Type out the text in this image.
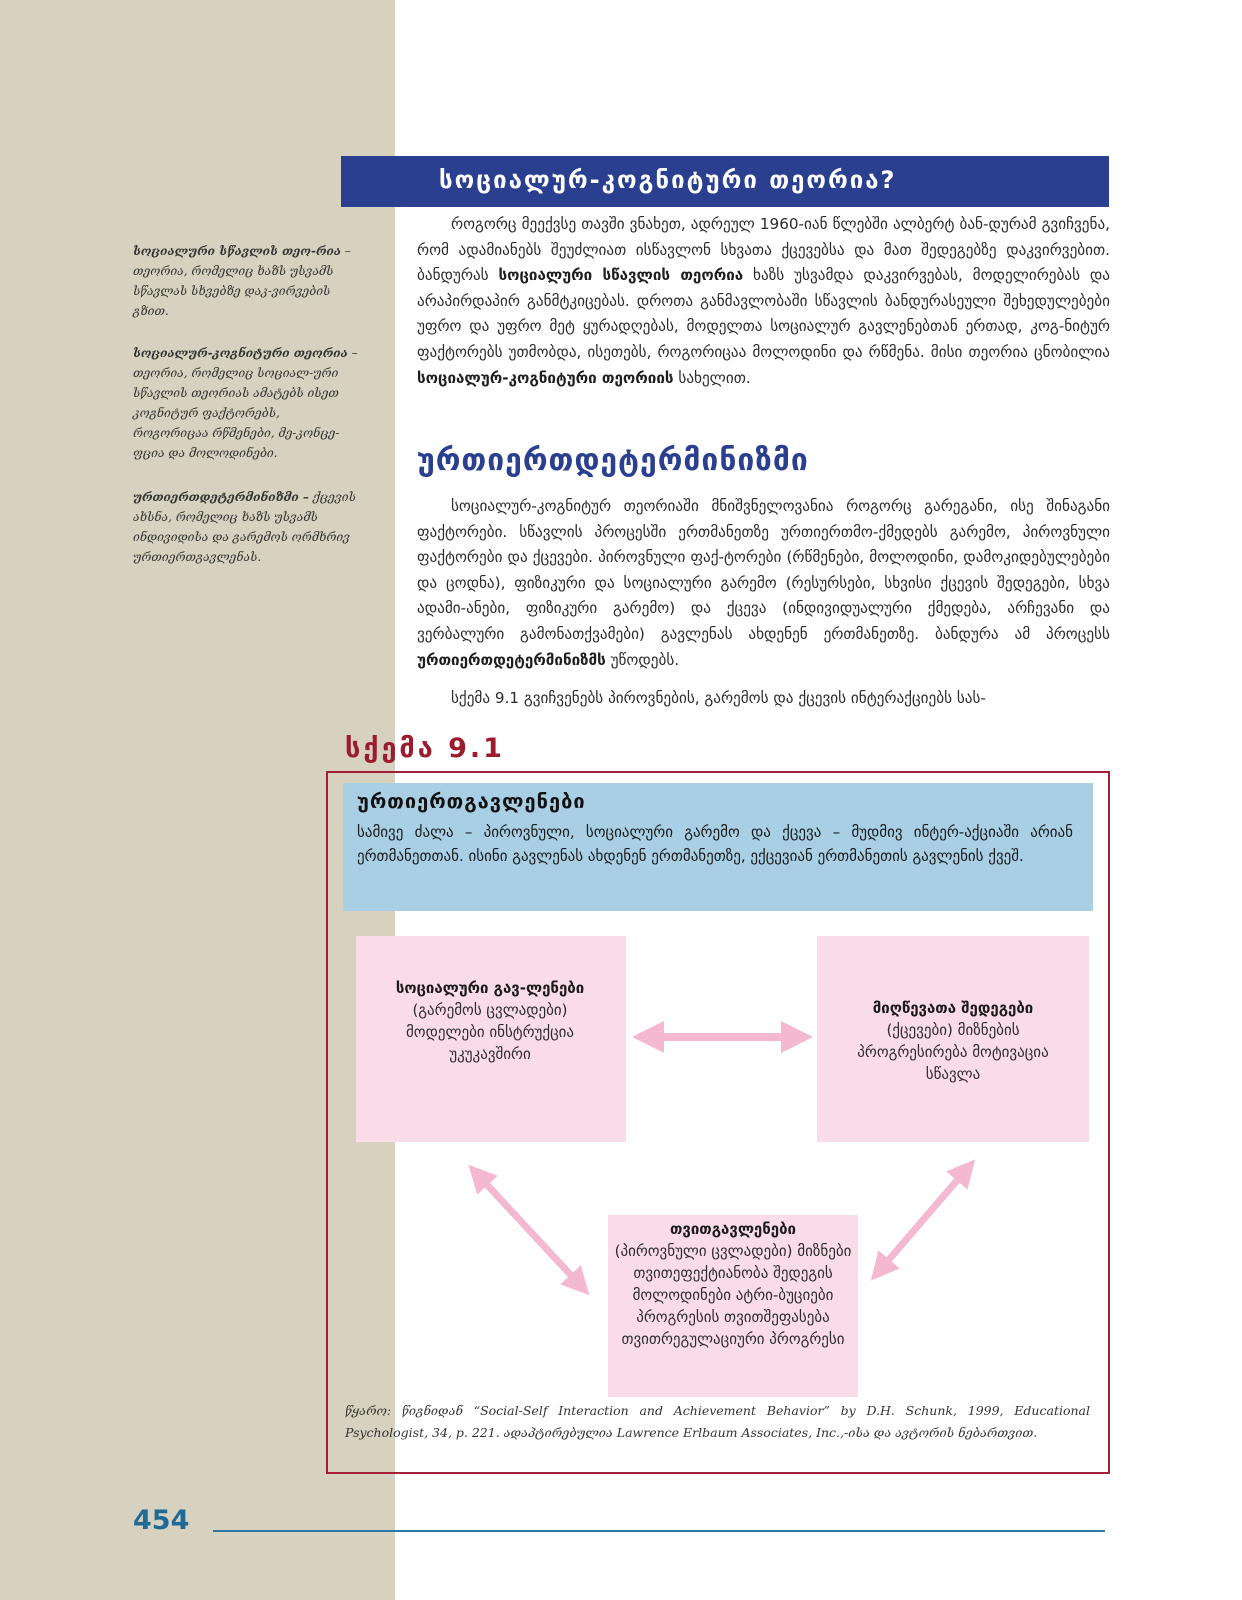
სოციალური სწავლის თეო-რია – თეორია, რომელიც ხაზს უსვამს სწავლას სხვებზე დაკ-ვირვების გზით.
სოციალურ-კოგნიტური თეორია – თეორია, რომელიც სოციალ-ური სწავლის თეორიას ამატებს ისეთ კოგნიტურ ფაქტორებს, როგორიცაა რწმენები, მე-კონცე-ფცია და მოლოდინები.
ურთიერთდეტერმინიზმი – ქცევის ახსნა, რომელიც ხაზს უსვამს ინდივიდისა და გარემოს ორმხრივ ურთიერთგავლენას.
სოციალურ-კოგნიტური თეორია?

როგორც მეექვსე თავში ვნახეთ, ადრეულ 1960-იან წლებში ალბერტ ბან-დურამ გვიჩვენა, რომ ადამიანებს შეუძლიათ ისწავლონ სხვათა ქცევებსა და მათ შედეგებზე დაკვირვებით. ბანდურას სოციალური სწავლის თეორია ხაზს უსვამდა დაკვირვებას, მოდელირებას და არაპირდაპირ განმტკიცებას. დროთა განმავლობაში სწავლის ბანდურასეული შეხედულებები უფრო და უფრო მეტ ყურადღებას, მოდელთა სოციალურ გავლენებთან ერთად, კოგ-ნიტურ ფაქტორებს უთმობდა, ისეთებს, როგორიცაა მოლოდინი და რწმენა. მისი თეორია ცნობილია სოციალურ-კოგნიტური თეორიის სახელით.

ურთიერთდეტერმინიზმი

სოციალურ-კოგნიტურ თეორიაში მნიშვნელოვანია როგორც გარეგანი, ისე შინაგანი ფაქტორები. სწავლის პროცესში ერთმანეთზე ურთიერთმო-ქმედებს გარემო, პიროვნული ფაქტორები და ქცევები. პიროვნული ფაქ-ტორები (რწმენები, მოლოდინი, დამოკიდებულებები და ცოდნა), ფიზიკური და სოციალური გარემო (რესურსები, სხვისი ქცევის შედეგები, სხვა ადამი-ანები, ფიზიკური გარემო) და ქცევა (ინდივიდუალური ქმედება, არჩევანი და ვერბალური გამონათქვამები) გავლენას ახდენენ ერთმანეთზე. ბანდურა ამ პროცესს ურთიერთდეტერმინიზმს უწოდებს.

სქემა 9.1 გვიჩვენებს პიროვნების, გარემოს და ქცევის ინტერაქციებს სას-

სქემა 9.1
ურთიერთგავლენები
სამივე ძალა – პიროვნული, სოციალური გარემო და ქცევა – მუდმივ ინტერ-აქციაში არიან ერთმანეთთან. ისინი გავლენას ახდენენ ერთმანეთზე, ექცევიან ერთმანეთის გავლენის ქვეშ.
სოციალური გავ-ლენები (გარემოს ცვლადები) მოდელები ინსტრუქცია უკუკავშირი
მიღწევათა შედეგები
(ქცევები) მიზნების პროგრესირება მოტივაცია სწავლა
თვითგავლენები
(პიროვნული ცვლადები) მიზნები თვითეფექტიანობა შედეგის მოლოდინები ატრი-ბუციები პროგრესის თვითშეფასება თვითრეგულაციური პროგრესი
წყარო: წიგნიდან “Social-Self Interaction and Achievement Behavior” by D.H. Schunk, 1999, Educational Psychologist, 34, p. 221. ადაპტირებულია Lawrence Erlbaum Associates, Inc.,-ისა და ავტორის ნებართვით.
454
